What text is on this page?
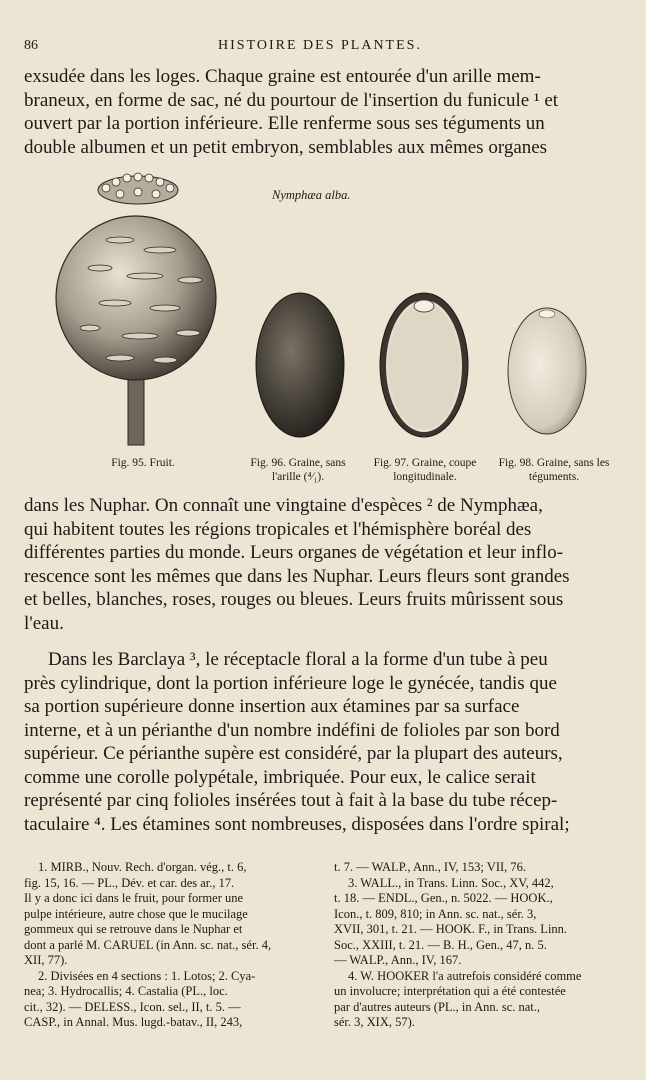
86	HISTOIRE DES PLANTES.
exsudée dans les loges. Chaque graine est entourée d'un arille mem-
braneux, en forme de sac, né du pourtour de l'insertion du funicule ¹ et
ouvert par la portion inférieure. Elle renferme sous ses téguments un
double albumen et un petit embryon, semblables aux mêmes organes
Nymphæa alba.
Fig. 95. Fruit.	Fig. 96. Graine, sans l'arille (⁴⁄₁).
Fig. 97. Graine, coupe longitudinale.
Fig. 98. Graine, sans les téguments.
dans les Nuphar. On connaît une vingtaine d'espèces ² de Nymphæa,
qui habitent toutes les régions tropicales et l'hémisphère boréal des
différentes parties du monde. Leurs organes de végétation et leur inflo-
rescence sont les mêmes que dans les Nuphar. Leurs fleurs sont grandes
et belles, blanches, roses, rouges ou bleues. Leurs fruits mûrissent sous
l'eau.
Dans les Barclaya ³, le réceptacle floral a la forme d'un tube à peu
près cylindrique, dont la portion inférieure loge le gynécée, tandis que
sa portion supérieure donne insertion aux étamines par sa surface
interne, et à un périanthe d'un nombre indéfini de folioles par son bord
supérieur. Ce périanthe supère est considéré, par la plupart des auteurs,
comme une corolle polypétale, imbriquée. Pour eux, le calice serait
représenté par cinq folioles insérées tout à fait à la base du tube récep-
taculaire ⁴. Les étamines sont nombreuses, disposées dans l'ordre spiral;
1. MIRB., Nouv. Rech. d'organ. vég., t. 6,
fig. 15, 16. — PL., Dév. et car. des ar., 17.
Il y a donc ici dans le fruit, pour former une
pulpe intérieure, autre chose que le mucilage
gommeux qui se retrouve dans le Nuphar et
dont a parlé M. CARUEL (in Ann. sc. nat., sér. 4,
XII, 77).
2. Divisées en 4 sections : 1. Lotos; 2. Cya-
nea; 3. Hydrocallis; 4. Castalia (PL., loc.
cit., 32). — DELESS., Icon. sel., II, t. 5. —
CASP., in Annal. Mus. lugd.-batav., II, 243,
t. 7. — WALP., Ann., IV, 153; VII, 76.
3. WALL., in Trans. Linn. Soc., XV, 442,
t. 18. — ENDL., Gen., n. 5022. — HOOK.,
Icon., t. 809, 810; in Ann. sc. nat., sér. 3,
XVII, 301, t. 21. — HOOK. F., in Trans. Linn.
Soc., XXIII, t. 21. — B. H., Gen., 47, n. 5.
— WALP., Ann., IV, 167.
4. W. HOOKER l'a autrefois considéré comme
un involucre; interprétation qui a été contestée
par d'autres auteurs (PL., in Ann. sc. nat.,
sér. 3, XIX, 57).
